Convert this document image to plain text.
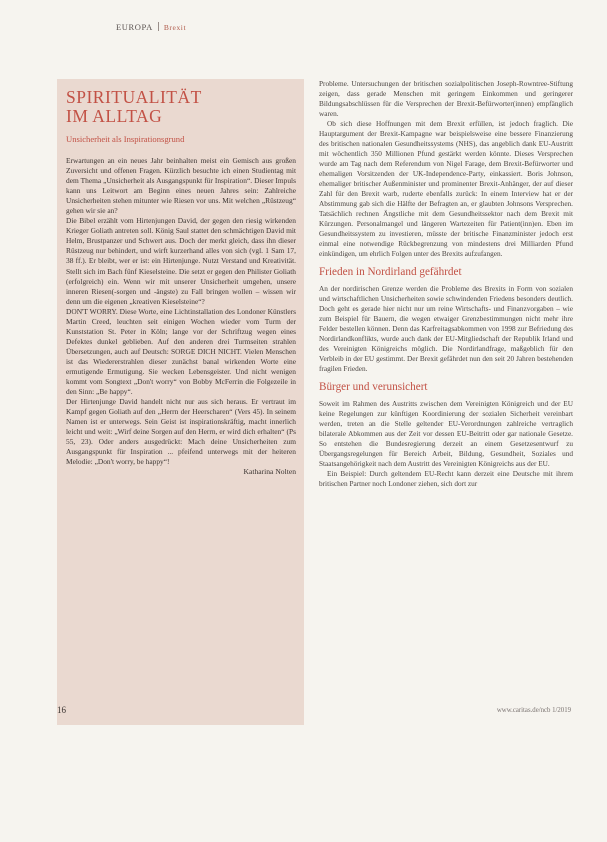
EUROPA Brexit
SPIRITUALITÄT
IM ALLTAG
Unsicherheit als Inspirationsgrund

Erwartungen an ein neues Jahr beinhalten meist ein Gemisch aus großen Zuversicht und offenen Fragen. Kürzlich besuchte ich einen Studientag mit dem Thema „Unsicherheit als Ausgangspunkt für Inspiration“. Dieser Impuls kann uns Leitwort am Beginn eines neuen Jahres sein: Zahlreiche Unsicherheiten stehen mitunter wie Riesen vor uns. Mit welchen „Rüstzeug“ gehen wir sie an?

Die Bibel erzählt vom Hirtenjungen David, der gegen den riesig wirkenden Krieger Goliath antreten soll. König Saul stattet den schmächtigen David mit Helm, Brustpanzer und Schwert aus. Doch der merkt gleich, dass ihn dieser Rüstzeug nur behindert, und wirft kurzerhand alles von sich (vgl. 1 Sam 17, 38 ff.). Er bleibt, wer er ist: ein Hirtenjunge. Nutzt Verstand und Kreativität. Stellt sich im Bach fünf Kieselsteine. Die setzt er gegen den Philister Goliath (erfolgreich) ein. Wenn wir mit unserer Unsicherheit umgehen, unsere inneren Riesen(-sorgen und -ängste) zu Fall bringen wollen – wissen wir denn um die eigenen „kreativen Kieselsteine“?

DON'T WORRY. Diese Worte, eine Lichtinstallation des Londoner Künstlers Martin Creed, leuchten seit einigen Wochen wieder vom Turm der Kunststation St. Peter in Köln; lange vor der Schriftzug wegen eines Defektes dunkel geblieben. Auf den anderen drei Turmseiten strahlen Übersetzungen, auch auf Deutsch: SORGE DICH NICHT. Vielen Menschen ist das Wiedererstrahlen dieser zunächst banal wirkenden Worte eine ermutigende Ermutigung. Sie wecken Lebensgeister. Und nicht wenigen kommt vom Songtext „Don't worry“ von Bobby McFerrin die Folgezeile in den Sinn: „Be happy“.

Der Hirtenjunge David handelt nicht nur aus sich heraus. Er vertraut im Kampf gegen Goliath auf den „Herrn der Heerscharen“ (Vers 45). In seinem Namen ist er unterwegs. Sein Geist ist inspirationskräftig, macht innerlich leicht und weit: „Wirf deine Sorgen auf den Herrn, er wird dich erhalten“ (Ps 55, 23). Oder anders ausgedrückt: Mach deine Unsicherheiten zum Ausgangspunkt für Inspiration ... pfeifend unterwegs mit der heiteren Melodie: „Don't worry, be happy“!

Katharina Nolten

Probleme. Untersuchungen der britischen sozialpolitischen Joseph-Rowntree-Stiftung zeigen, dass gerade Menschen mit geringem Einkommen und geringerer Bildungsabschlüssen für die Versprechen der Brexit-Befürworter(innen) empfänglich waren.

Ob sich diese Hoffnungen mit dem Brexit erfüllen, ist jedoch fraglich. Die Hauptargument der Brexit-Kampagne war beispielsweise eine bessere Finanzierung des britischen nationalen Gesundheitssystems (NHS), das angeblich dank EU-Austritt mit wöchentlich 350 Millionen Pfund gestärkt werden könnte. Dieses Versprechen wurde am Tag nach dem Referendum von Nigel Farage, dem Brexit-Befürworter und ehemaligen Vorsitzenden der UK-Independence-Party, einkassiert. Boris Johnson, ehemaliger britischer Außenminister und prominenter Brexit-Anhänger, der auf dieser Zahl für den Brexit warb, ruderte ebenfalls zurück: In einem Interview hat er der Abstimmung gab sich die Hälfte der Befragten an, er glaubten Johnsons Versprechen. Tatsächlich rechnen Ängstliche mit dem Gesundheitssektor nach dem Brexit mit Kürzungen. Personalmangel und längeren Wartezeiten für Patient(inn)en. Eben im Gesundheitssystem zu investieren, müsste der britische Finanzminister jedoch erst einmal eine notwendige Rückbegrenzung von mindestens drei Milliarden Pfund einkündigen, um ehrlich Folgen unter des Brexits aufzufangen.

Frieden in Nordirland gefährdet

An der nordirischen Grenze werden die Probleme des Brexits in Form von sozialen und wirtschaftlichen Unsicherheiten sowie schwindenden Friedens besonders deutlich. Doch geht es gerade hier nicht nur um reine Wirtschafts- und Finanzvorgaben – wie zum Beispiel für Bauern, die wegen etwaiger Grenzbestimmungen nicht mehr ihre Felder bestellen können. Denn das Karfreitagsabkommen von 1998 zur Befriedung des Nordirlandkonflikts, wurde auch dank der EU-Mitgliedschaft der Republik Irland und des Vereinigten Königreichs möglich. Die Nordirlandfrage, maßgeblich für den Verbleib in der EU gestimmt. Der Brexit gefährdet nun den seit 20 Jahren bestehenden fragilen Frieden.

Bürger und verunsichert

Soweit im Rahmen des Austritts zwischen dem Vereinigten Königreich und der EU keine Regelungen zur künftigen Koordinierung der sozialen Sicherheit vereinbart werden, treten an die Stelle geltender EU-Verordnungen zahlreiche vertraglich bilaterale Abkommen aus der Zeit vor dessen EU-Beitritt oder gar nationale Gesetze. So entstehen die Bundesregierung derzeit an einem Gesetzesentwurf zu Übergangsregelungen für Bereich Arbeit, Bildung, Gesundheit, Soziales und Staatsangehörigkeit nach dem Austritt des Vereinigten Königreichs aus der EU.

Ein Beispiel: Durch geltendem EU-Recht kann derzeit eine Deutsche mit ihrem britischen Partner noch Londoner ziehen, sich dort zur

16	www.caritas.de/ncb 1/2019
